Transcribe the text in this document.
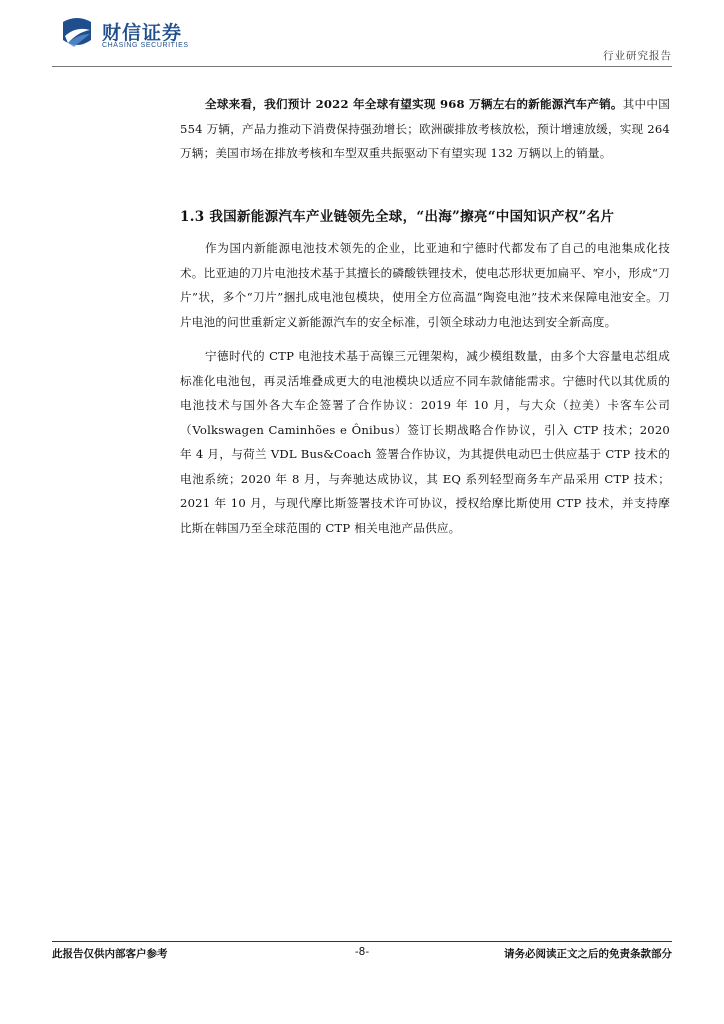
财信证券
CHASING SECURITIES
行业研究报告

全球来看，我们预计 2022 年全球有望实现 968 万辆左右的新能源汽车产销。其中中国 554 万辆，产品力推动下消费保持强劲增长；欧洲碳排放考核放松，预计增速放缓，实现 264 万辆；美国市场在排放考核和车型双重共振驱动下有望实现 132 万辆以上的销量。

1.3 我国新能源汽车产业链领先全球，“出海”擦亮“中国知识产权”名片

作为国内新能源电池技术领先的企业，比亚迪和宁德时代都发布了自己的电池集成化技术。比亚迪的刀片电池技术基于其擅长的磷酸铁锂技术，使电芯形状更加扁平、窄小，形成“刀片”状，多个“刀片”捆扎成电池包模块，使用全方位高温“陶瓷电池”技术来保障电池安全。刀片电池的问世重新定义新能源汽车的安全标准，引领全球动力电池达到安全新高度。

宁德时代的 CTP 电池技术基于高镍三元锂架构，减少模组数量，由多个大容量电芯组成标准化电池包，再灵活堆叠成更大的电池模块以适应不同车款储能需求。宁德时代以其优质的电池技术与国外各大车企签署了合作协议：2019 年 10 月，与大众（拉美）卡客车公司（Volkswagen Caminhões e Ônibus）签订长期战略合作协议，引入 CTP 技术；2020 年 4 月，与荷兰 VDL Bus&Coach 签署合作协议，为其提供电动巴士供应基于 CTP 技术的电池系统；2020 年 8 月，与奔驰达成协议，其 EQ 系列轻型商务车产品采用 CTP 技术；2021 年 10 月，与现代摩比斯签署技术许可协议，授权给摩比斯使用 CTP 技术，并支持摩比斯在韩国乃至全球范围的 CTP 相关电池产品供应。

此报告仅供内部客户参考	-8-	请务必阅读正文之后的免责条款部分
